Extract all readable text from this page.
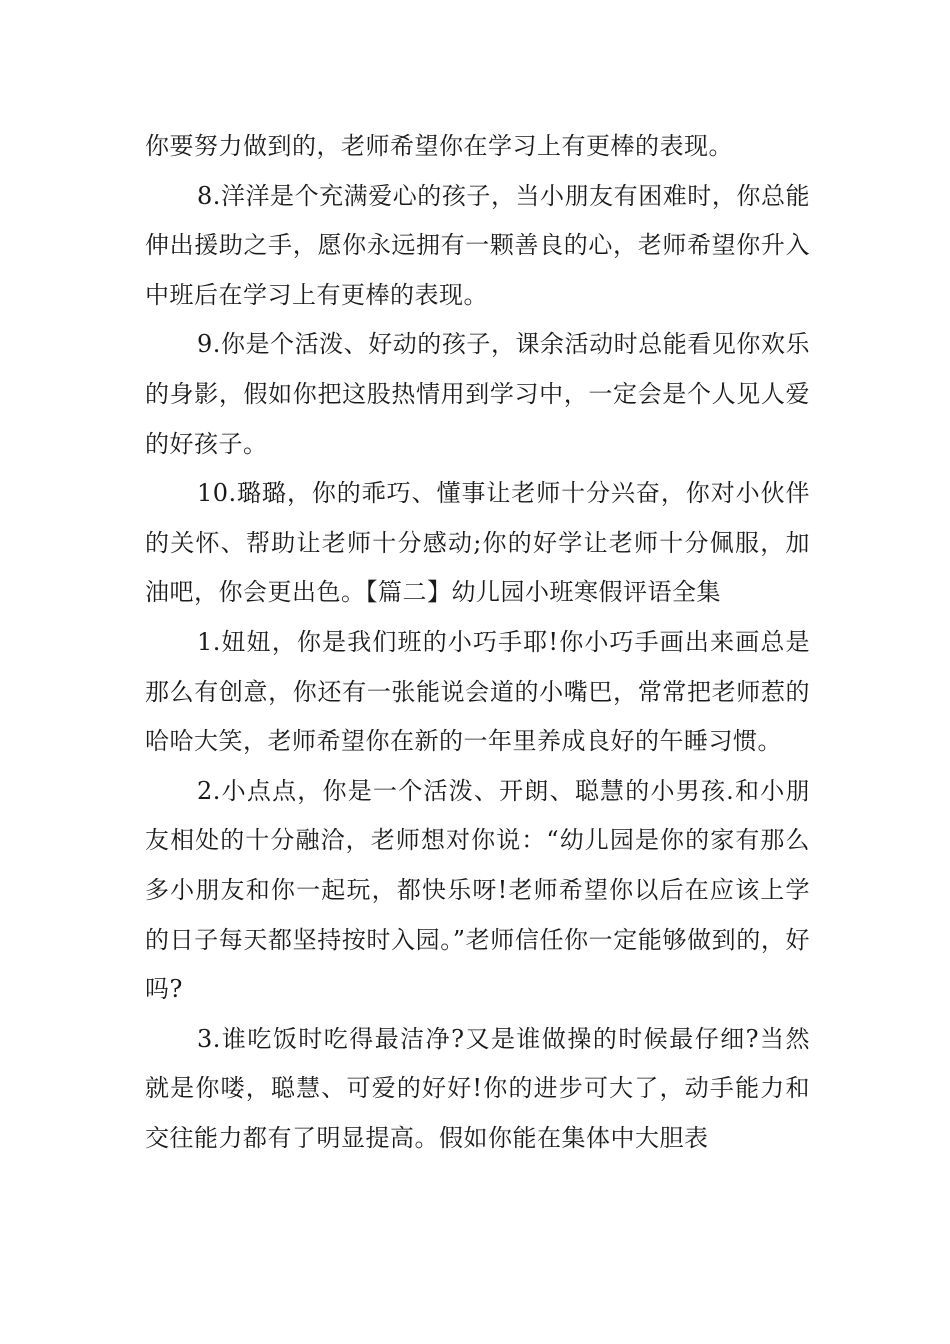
你要努力做到的，老师希望你在学习上有更棒的表现。

8.洋洋是个充满爱心的孩子，当小朋友有困难时，你总能伸出援助之手，愿你永远拥有一颗善良的心，老师希望你升入中班后在学习上有更棒的表现。

9.你是个活泼、好动的孩子，课余活动时总能看见你欢乐的身影，假如你把这股热情用到学习中，一定会是个人见人爱的好孩子。

10.璐璐，你的乖巧、懂事让老师十分兴奋，你对小伙伴的关怀、帮助让老师十分感动;你的好学让老师十分佩服，加油吧，你会更出色。【篇二】幼儿园小班寒假评语全集

1.妞妞，你是我们班的小巧手耶!你小巧手画出来画总是那么有创意，你还有一张能说会道的小嘴巴，常常把老师惹的哈哈大笑，老师希望你在新的一年里养成良好的午睡习惯。

2.小点点，你是一个活泼、开朗、聪慧的小男孩.和小朋友相处的十分融洽，老师想对你说：“幼儿园是你的家有那么多小朋友和你一起玩，都快乐呀!老师希望你以后在应该上学的日子每天都坚持按时入园。”老师信任你一定能够做到的，好吗?

3.谁吃饭时吃得最洁净?又是谁做操的时候最仔细?当然就是你喽，聪慧、可爱的好好!你的进步可大了，动手能力和交往能力都有了明显提高。假如你能在集体中大胆表
